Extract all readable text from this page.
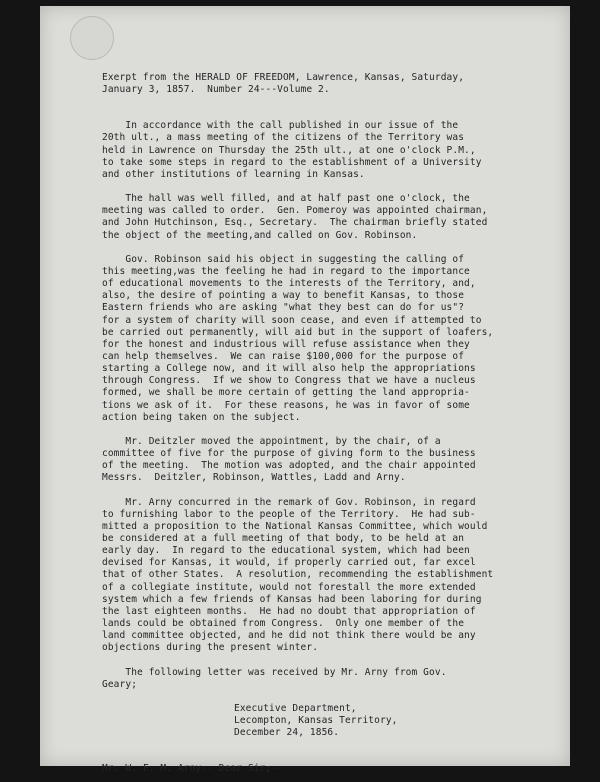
Exerpt from the HERALD OF FREEDOM, Lawrence, Kansas, Saturday,
January 3, 1857.  Number 24---Volume 2.
In accordance with the call published in our issue of the
20th ult., a mass meeting of the citizens of the Territory was
held in Lawrence on Thursday the 25th ult., at one o'clock P.M.,
to take some steps in regard to the establishment of a University
and other institutions of learning in Kansas.
The hall was well filled, and at half past one o'clock, the
meeting was called to order.  Gen. Pomeroy was appointed chairman,
and John Hutchinson, Esq., Secretary.  The chairman briefly stated
the object of the meeting,and called on Gov. Robinson.
Gov. Robinson said his object in suggesting the calling of
this meeting,was the feeling he had in regard to the importance
of educational movements to the interests of the Territory, and,
also, the desire of pointing a way to benefit Kansas, to those
Eastern friends who are asking "what they best can do for us"?
for a system of charity will soon cease, and even if attempted to
be carried out permanently, will aid but in the support of loafers,
for the honest and industrious will refuse assistance when they
can help themselves.  We can raise $100,000 for the purpose of
starting a College now, and it will also help the appropriations
through Congress.  If we show to Congress that we have a nucleus
formed, we shall be more certain of getting the land appropria-
tions we ask of it.  For these reasons, he was in favor of some
action being taken on the subject.
Mr. Deitzler moved the appointment, by the chair, of a
committee of five for the purpose of giving form to the business
of the meeting.  The motion was adopted, and the chair appointed
Messrs.  Deitzler, Robinson, Wattles, Ladd and Arny.
Mr. Arny concurred in the remark of Gov. Robinson, in regard
to furnishing labor to the people of the Territory.  He had sub-
mitted a proposition to the National Kansas Committee, which would
be considered at a full meeting of that body, to be held at an
early day.  In regard to the educational system, which had been
devised for Kansas, it would, if properly carried out, far excel
that of other States.  A resolution, recommending the establishment
of a collegiate institute, would not forestall the more extended
system which a few friends of Kansas had been laboring for during
the last eighteen months.  He had no doubt that appropriation of
lands could be obtained from Congress.  Only one member of the
land committee objected, and he did not think there would be any
objections during the present winter.
The following letter was received by Mr. Arny from Gov.
Geary;
Executive Department,
Lecompton, Kansas Territory,
December 24, 1856.
Mr. W. F. M. Arny-- Dear Sir;--
